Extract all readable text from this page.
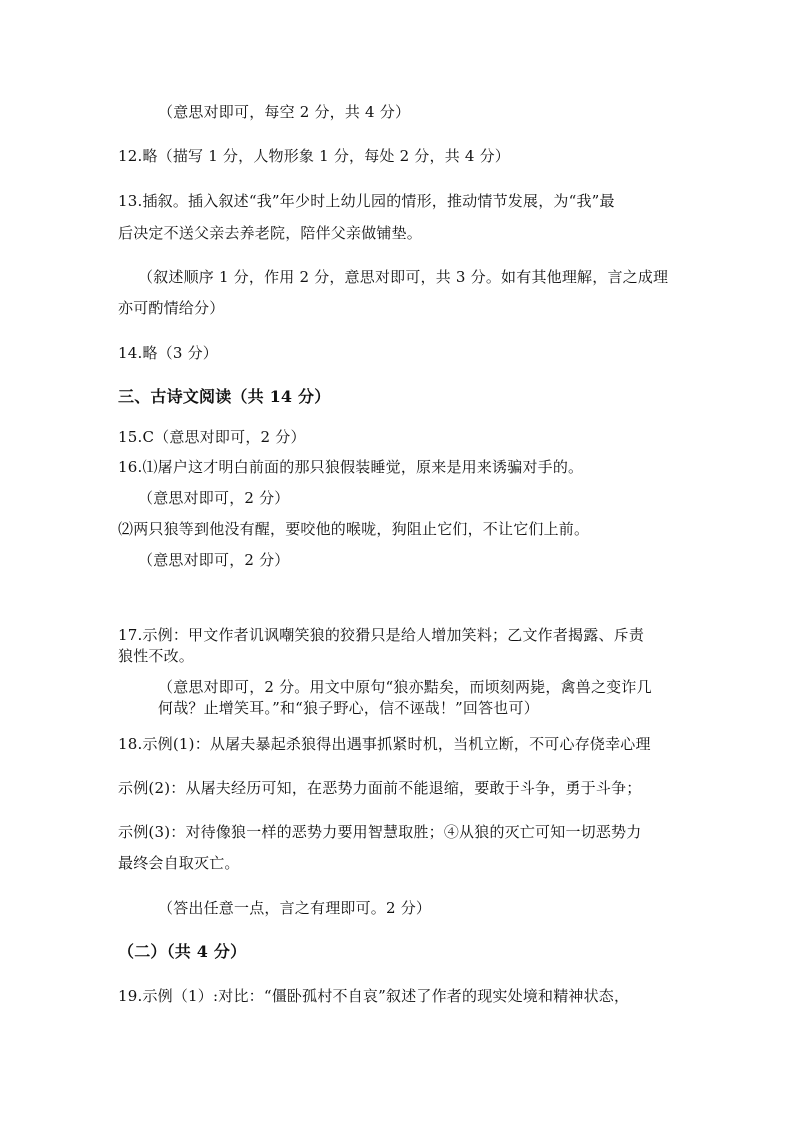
（意思对即可，每空 2 分，共 4 分）
12.略（描写 1 分，人物形象 1 分，每处 2 分，共 4 分）
13.插叙。插入叙述“我”年少时上幼儿园的情形，推动情节发展，为“我”最
后决定不送父亲去养老院，陪伴父亲做铺垫。
（叙述顺序 1 分，作用 2 分，意思对即可，共 3 分。如有其他理解，言之成理
亦可酌情给分）
14.略（3 分）
三、古诗文阅读（共 14 分）
15.C（意思对即可，2 分）
16.⑴屠户这才明白前面的那只狼假装睡觉，原来是用来诱骗对手的。
（意思对即可，2 分）
⑵两只狼等到他没有醒，要咬他的喉咙，狗阻止它们，不让它们上前。
（意思对即可，2 分）
17.示例：甲文作者讥讽嘲笑狼的狡猾只是给人增加笑料；乙文作者揭露、斥责
狼性不改。
（意思对即可，2 分。用文中原句“狼亦黠矣，而顷刻两毙，禽兽之变诈几
何哉？止增笑耳。”和“狼子野心，信不诬哉！”回答也可）
18.示例(1)：从屠夫暴起杀狼得出遇事抓紧时机，当机立断，不可心存侥幸心理
示例(2)：从屠夫经历可知，在恶势力面前不能退缩，要敢于斗争，勇于斗争；
示例(3)：对待像狼一样的恶势力要用智慧取胜；④从狼的灭亡可知一切恶势力
最终会自取灭亡。
（答出任意一点，言之有理即可。2 分）
（二）（共 4 分）
19.示例（1）:对比：“僵卧孤村不自哀”叙述了作者的现实处境和精神状态，
